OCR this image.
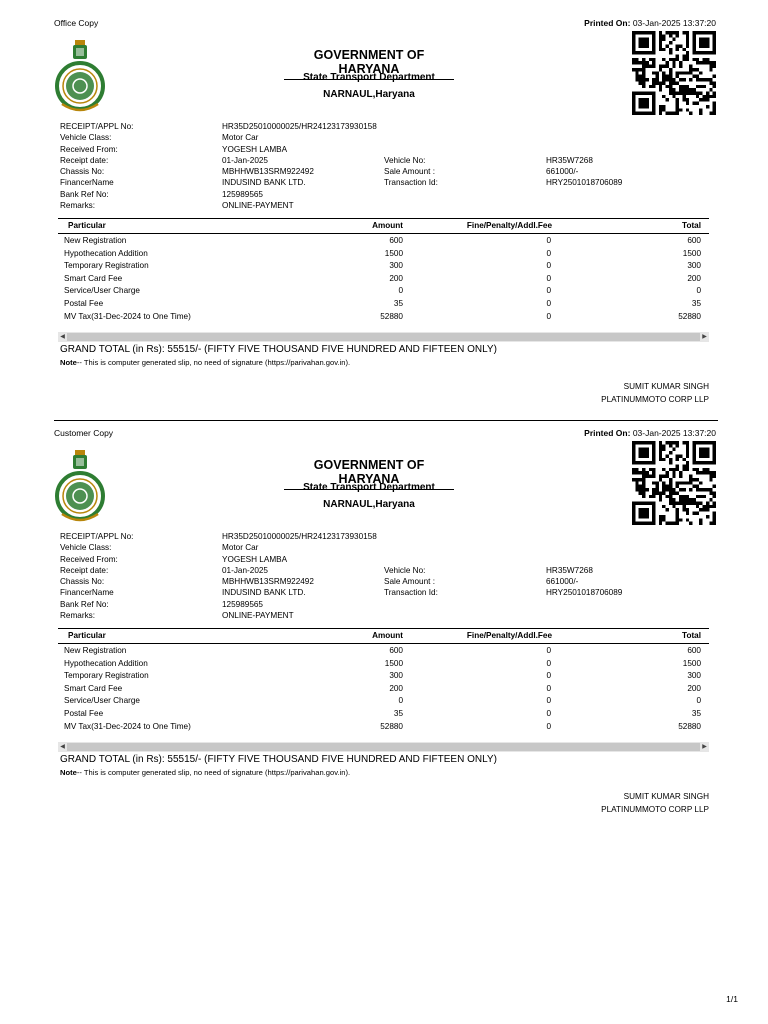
Office Copy	Printed On: 03-Jan-2025 13:37:20
GOVERNMENT OF HARYANA
State Transport Department
NARNAUL,Haryana
RECEIPT/APPL No:	HR35D25010000025/HR24123173930158
Vehicle Class:	Motor Car
Received From:	YOGESH LAMBA
Receipt date:	01-Jan-2025	Vehicle No:	HR35W7268
Chassis No:	MBHHWB13SRM922492	Sale Amount :	661000/-
FinancerName	INDUSIND BANK LTD.	Transaction Id:	HRY2501018706089
Bank Ref No:	125989565
Remarks:	ONLINE-PAYMENT
Particular	Amount	Fine/Penalty/Addl.Fee	Total
New Registration	600	0	600
Hypothecation Addition	1500	0	1500
Temporary Registration	300	0	300
Smart Card Fee	200	0	200
Service/User Charge	0	0	0
Postal Fee	35	0	35
MV Tax(31-Dec-2024 to One Time)	52880	0	52880
◀	▶
GRAND TOTAL (in Rs): 55515/- (FIFTY FIVE THOUSAND FIVE HUNDRED AND FIFTEEN ONLY)
Note-- This is computer generated slip, no need of signature (https://parivahan.gov.in).
SUMIT KUMAR SINGH
PLATINUMMOTO CORP LLP
Customer Copy	Printed On: 03-Jan-2025 13:37:20
GOVERNMENT OF HARYANA
State Transport Department
NARNAUL,Haryana
RECEIPT/APPL No:	HR35D25010000025/HR24123173930158
Vehicle Class:	Motor Car
Received From:	YOGESH LAMBA
Receipt date:	01-Jan-2025	Vehicle No:	HR35W7268
Chassis No:	MBHHWB13SRM922492	Sale Amount :	661000/-
FinancerName	INDUSIND BANK LTD.	Transaction Id:	HRY2501018706089
Bank Ref No:	125989565
Remarks:	ONLINE-PAYMENT
Particular	Amount	Fine/Penalty/Addl.Fee	Total
New Registration	600	0	600
Hypothecation Addition	1500	0	1500
Temporary Registration	300	0	300
Smart Card Fee	200	0	200
Service/User Charge	0	0	0
Postal Fee	35	0	35
MV Tax(31-Dec-2024 to One Time)	52880	0	52880
◀	▶
GRAND TOTAL (in Rs): 55515/- (FIFTY FIVE THOUSAND FIVE HUNDRED AND FIFTEEN ONLY)
Note-- This is computer generated slip, no need of signature (https://parivahan.gov.in).
SUMIT KUMAR SINGH
PLATINUMMOTO CORP LLP
1/1
